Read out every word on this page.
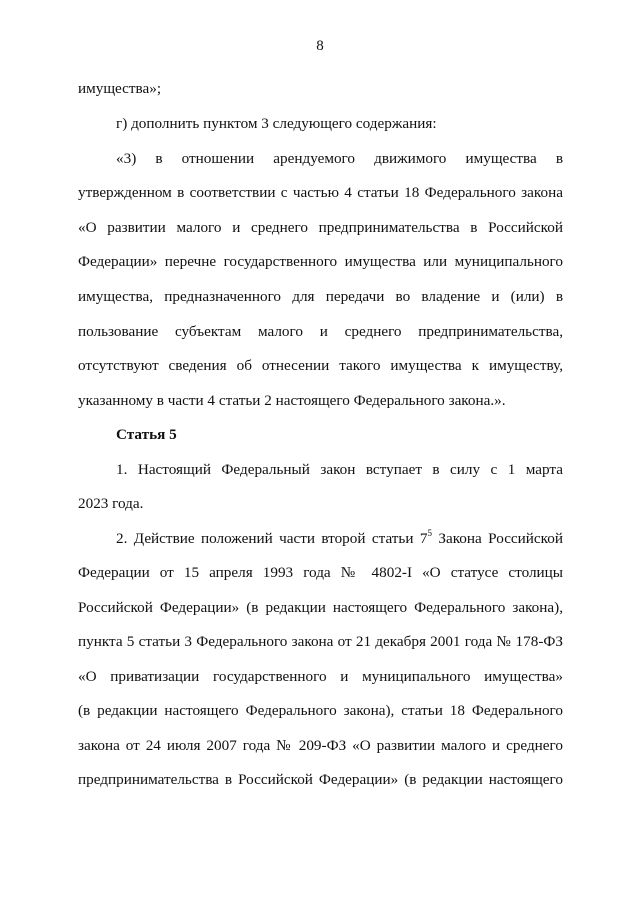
8
имущества»;
г) дополнить пунктом 3 следующего содержания:
«3) в отношении арендуемого движимого имущества в
утвержденном в соответствии с частью 4 статьи 18 Федерального закона
«О развитии малого и среднего предпринимательства в Российской
Федерации» перечне государственного имущества или муниципального
имущества, предназначенного для передачи во владение и (или) в
пользование субъектам малого и среднего предпринимательства,
отсутствуют сведения об отнесении такого имущества к имуществу,
указанному в части 4 статьи 2 настоящего Федерального закона.».
Статья 5
1. Настоящий Федеральный закон вступает в силу с 1 марта
2023 года.
2. Действие положений части второй статьи $7^5$ Закона Российской
Федерации от 15 апреля 1993 года № 4802-I «О статусе столицы
Российской Федерации» (в редакции настоящего Федерального закона),
пункта 5 статьи 3 Федерального закона от 21 декабря 2001 года № 178-ФЗ
«О приватизации государственного и муниципального имущества»
(в редакции настоящего Федерального закона), статьи 18 Федерального
закона от 24 июля 2007 года № 209-ФЗ «О развитии малого и среднего
предпринимательства в Российской Федерации» (в редакции настоящего
